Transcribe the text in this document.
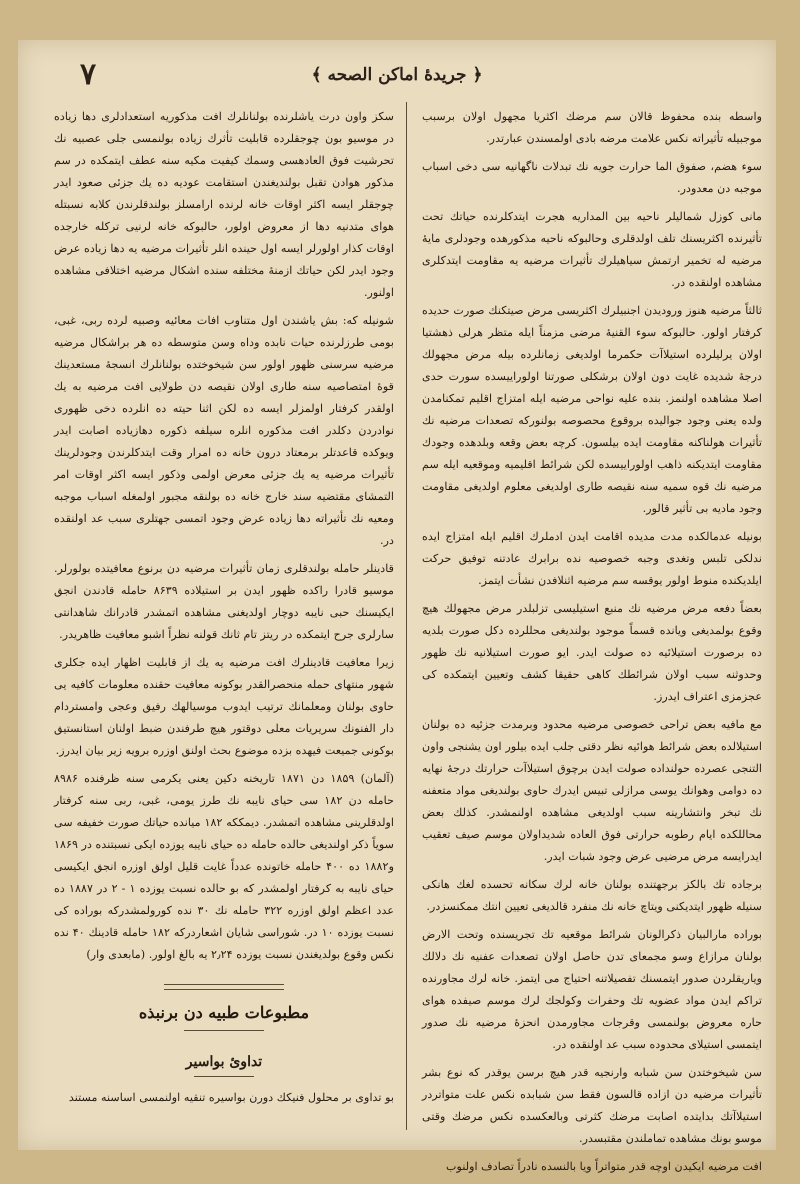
﴿ جريدهٔ اماكن الصحه ﴾
٧

واسطه بنده محفوظ قالان سم مرضك اكثريا مجهول اولان برسبب موجبيله تأثيراته نكس علامت مرضه بادى اولمسندن عبارتدر.

سوء هضم، صفوق الما حرارت جويه نك تبدلات ناگهانيه سى دخى اسباب موجبه دن معدودر.

مانى كوزل شماليلر ناحيه بين المداريه هجرت ايتدكلرنده حياتك تحت تأثيرنده اكثريسنك تلف اولدقلرى وحالبوكه ناحيه مذكورهده وجودلرى مايهٔ مرضيه له تخمير ارتمش سياهيلرك تأثيرات مرضيه يه مقاومت ايتدكلرى مشاهده اولنقده در.

ثالثاً مرضيه هنوز وروديدن اجنبيلرك اكثريسى مرض صيتكنك صورت حديده كرفتار اولور. حالبوكه سوء القنيهٔ مرضى مزمناً ايله متظر هرلى ذهشتيا اولان يرليلرده استيلاآت حكمرما اولديغى زمانلرده بيله مرض مجهولك درجهٔ شديده غايت دون اولان برشكلى صورتنا اولوراييسده سورت حدى اصلا مشاهده اولنمز. بنده عليه نواحى مرضيه ايله امتزاج اقليم تمكنامدن ولده يعنى وجود جواليده بروقوع محصوصه بولنوركه تصعدات مرضيه نك تأثيرات هولناكنه مقاومت ايده بيلسون. كرچه بعض وقعه وبلدهده وجودك مقاومت ايتديكنه ذاهب اولوراييسده لكن شرائط اقليميه وموقعيه ايله سم مرضيه نك قوه سميه سنه نقيصه طارى اولديغى معلوم اولديغى مقاومت وجود ماديه بى تأثير قالور.

بونيله عدمالكده مدت مديده اقامت ايدن ادملرك اقليم ايله امتزاج ايده ندلكى تلبس وتغدى وجبه خصوصيه نده برابرك عادتنه توفيق حركت ايلديكنده منوط اولور يوقسه سم مرضيه اثنلافدن نشأت ايتمز.

بعضاً دفعه مرض مرضيه نك منبع استيليسى تزلبلدر مرض مجهولك هيچ وقوع بولمديغى ويانده قسماً موجود بولنديغى محللرده دكل صورت بلديه ده برصورت استيلائيه ده صولت ايدر. ايو صورت استيلانيه نك ظهور وحدوثنه سبب اولان شرائطك كاهى حقيقا كشف وتعيين ايتمكده كى عجزمزى اعتراف ايدرز.

مع مافيه بعض تراحى خصوصى مرضيه محدود وبرمدت جزئيه ده بولنان استيلالده بعض شرائط هوائيه نظر دقتى جلب ايده بيلور اون يشنجى واون التنجى عصرده حولنداده صولت ايدن برچوق استيلاآت حرارتك درجهٔ نهايه ده دوامى وهوانك يوسى مرازلى تبيس ايدرك حاوى بولنديغى مواد متعفنه نك تبخر وانتشارينه سبب اولديغى مشاهده اولنمشدر. كذلك بعض محاللكده ايام رطوبه حرارتى فوق العاده شديداولان موسم صيف تعقيب ايدرايسه مرض مرضيى عرض وجود شبات ايدر.

برجاده تك بالكز برجهتنده بولنان خانه لرك سكانه تحسده لغك هانكى سنيله ظهور ايتديكنى ويتاچ خانه نك منفرد قالديغى تعيين انتك ممكنسزدر.

بوراده مارالبيان ذكرالونان شرائط موقعيه تك تجريسنده وتحت الارض بولنان مرازاع وسو مجمعاى تدن حاصل اولان تصعدات عفنيه نك دلالك وياريقلردن صدور ايتمسنك تفصيلاتنه احتياج مى ايتمز. خانه لرك مجاورنده تراكم ايدن مواد عضويه تك وحفرات وكولجك لرك موسم صيفده هواى حاره معروض بولنمسى وقرجات مجاورمدن انحزهٔ مرضيه نك صدور ايتمسى استيلاى محدوده سبب عد اولنقده در.

سن شيخوختدن سن شبابه وارنجيه قدر هيچ برسن يوقدر كه نوع بشر تأثيرات مرضيه دن ازاده قالسون فقط سن شبابده نكس علت متواتردر استيلاآتك بدايتده اصابت مرضك كثرتى وبالعكسده نكس مرضك وقتى موسو بونك مشاهده تماملندن مقتبسدر.

افت مرضيه ايكيدن اوچه قدر متواتراً ويا بالنسده نادراً تصادف اولنوب

سكز واون درت ياشلرنده بولنانلرك افت مذكوريه استعدادلرى دها زياده در موسيو بون چوجقلرده قابليت تأثرك زياده بولنمسى جلى عصبيه نك تحرشيت فوق العادهسى وسمك كيفيت مكيه سنه عطف ايتمكده در سم مذكور هوادن تقبل بولنديغندن استقامت عوديه ده يك جزئى صعود ايدر چوجقلر ايسه اكثر اوقات خانه لرنده ارامسلز بولندقلرندن كلابه نسبتله هواى متدنيه دها از معروض اولور، حالبوكه خانه لرنيى تركله خارجده اوقات كذار اولورلر ايسه اول حينده انلر تأثيرات مرضيه يه دها زياده عرض وجود ايدر لكن حياتك ازمنهٔ مختلفه سنده اشكال مرضيه اختلافى مشاهده اولنور.

شونيله كه: بش ياشندن اول متناوب افات معائيه وصبيه لرده ربى، غبى، بومى طرزلرنده حيات نابده وداه وسن متوسطه ده هر براشكال مرضيه مرضيه سرسنى ظهور اولور سن شيخوختده بولنانلرك انسجهٔ مستعدينك قوهٔ امتصاصيه سنه طارى اولان نقيصه دن طولايى افت مرضيه به يك اولقدر كرفتار اولمزلر ايسه ده لكن اثنا حيته ده انلرده دخى ظهورى نوادردن دكلدر افت مذكوره انلره سيلفه ذكوره دهازياده اصابت ايدر ويوكده قاعدتلر برمعتاد درون خانه ده امرار وقت ايتدكلرندن وجودلرينك تأثيرات مرضيه يه يك جزئى معرض اولمى وذكور ايسه اكثر اوقات امر التمشاى مقتضيه سند خارج خانه ده بولنقه مجبور اولمغله اسباب موجبه ومعيه نك تأثيراته دها زياده عرض وجود اتمسى جهتلرى سبب عد اولنقده در.

قادينلر حامله بولندقلرى زمان تأثيرات مرضيه دن برنوع معافيتده بولورلر. موسيو قادرا راكده ظهور ايدن بر استيلاده ۸۶۳۹ حامله قادندن انجق ايكيسنك حبى نايبه دوچار اولديغنى مشاهده اتمشدر قادرانك شاهدانتى سارلرى جرح ايتمكده در ريتز تام ثانك قولنه نظراً اشبو معافيت ظاهريدر.

زيرا معافيت قادينلرك افت مرضيه يه يك از قابليت اظهار ايده جكلرى شهور منتهاى حمله منحصرالقدر بوكونه معافيت حقنده معلومات كافيه يى حاوى بولنان ومعلمانك ترتيب ايدوب موسيالهك رفيق وعجى وامستردام دار الفنونك سريريات معلى دوقتور هيچ طرفندن ضبط اولنان استانستيق بوكونى جميعت فيهده بزده موضوع بحث اولنق اوزره برويه زير بيان ايدرز.

(آلمان) ۱۸۵۹ دن ۱۸۷۱ تاريخنه دكين يعنى يكرمى سنه ظرفنده ۸۹۸۶ حامله دن ۱۸۲ سى حياى نايبه نك طرز يومى، غبى، ربى سنه كرفتار اولدقلرينى مشاهده اتمشدر. ديمككه ۱۸۲ ميانده حياتك صورت خفيفه سى سوياً ذكر اولنديغى حالده حامله ده حياى نايبه يوزده ايكى نسبتنده در ۱۸۶۹ و۱۸۸۲ ده ۴۰۰ حامله خاتونده عدداً غايت قليل اولق اوزره انجق ايكيسى حياى نايبه به كرفتار اولمشدر كه بو حالده نسبت يوزده ۱ - ۲ در ۱۸۸۷ ده عدد اعظم اولق اوزره ۳۲۲ حامله نك ۳۰ نده كورولمشدركه بوراده كى نسبت يوزده ۱۰ در. شوراسى شايان اشعاردركه ۱۸۲ حامله قادينك ۴۰ نده نكس وقوع بولديغندن نسبت يوزده ۲٫۲۴ يه بالغ اولور. (مابعدى وار)

مطبوعات طبيه دن برنبذه
تداوىٔ بواسير

بو تداوى بر محلول فنيكك دورن بواسيره تنقيه اولنمسى اساسنه مستند
